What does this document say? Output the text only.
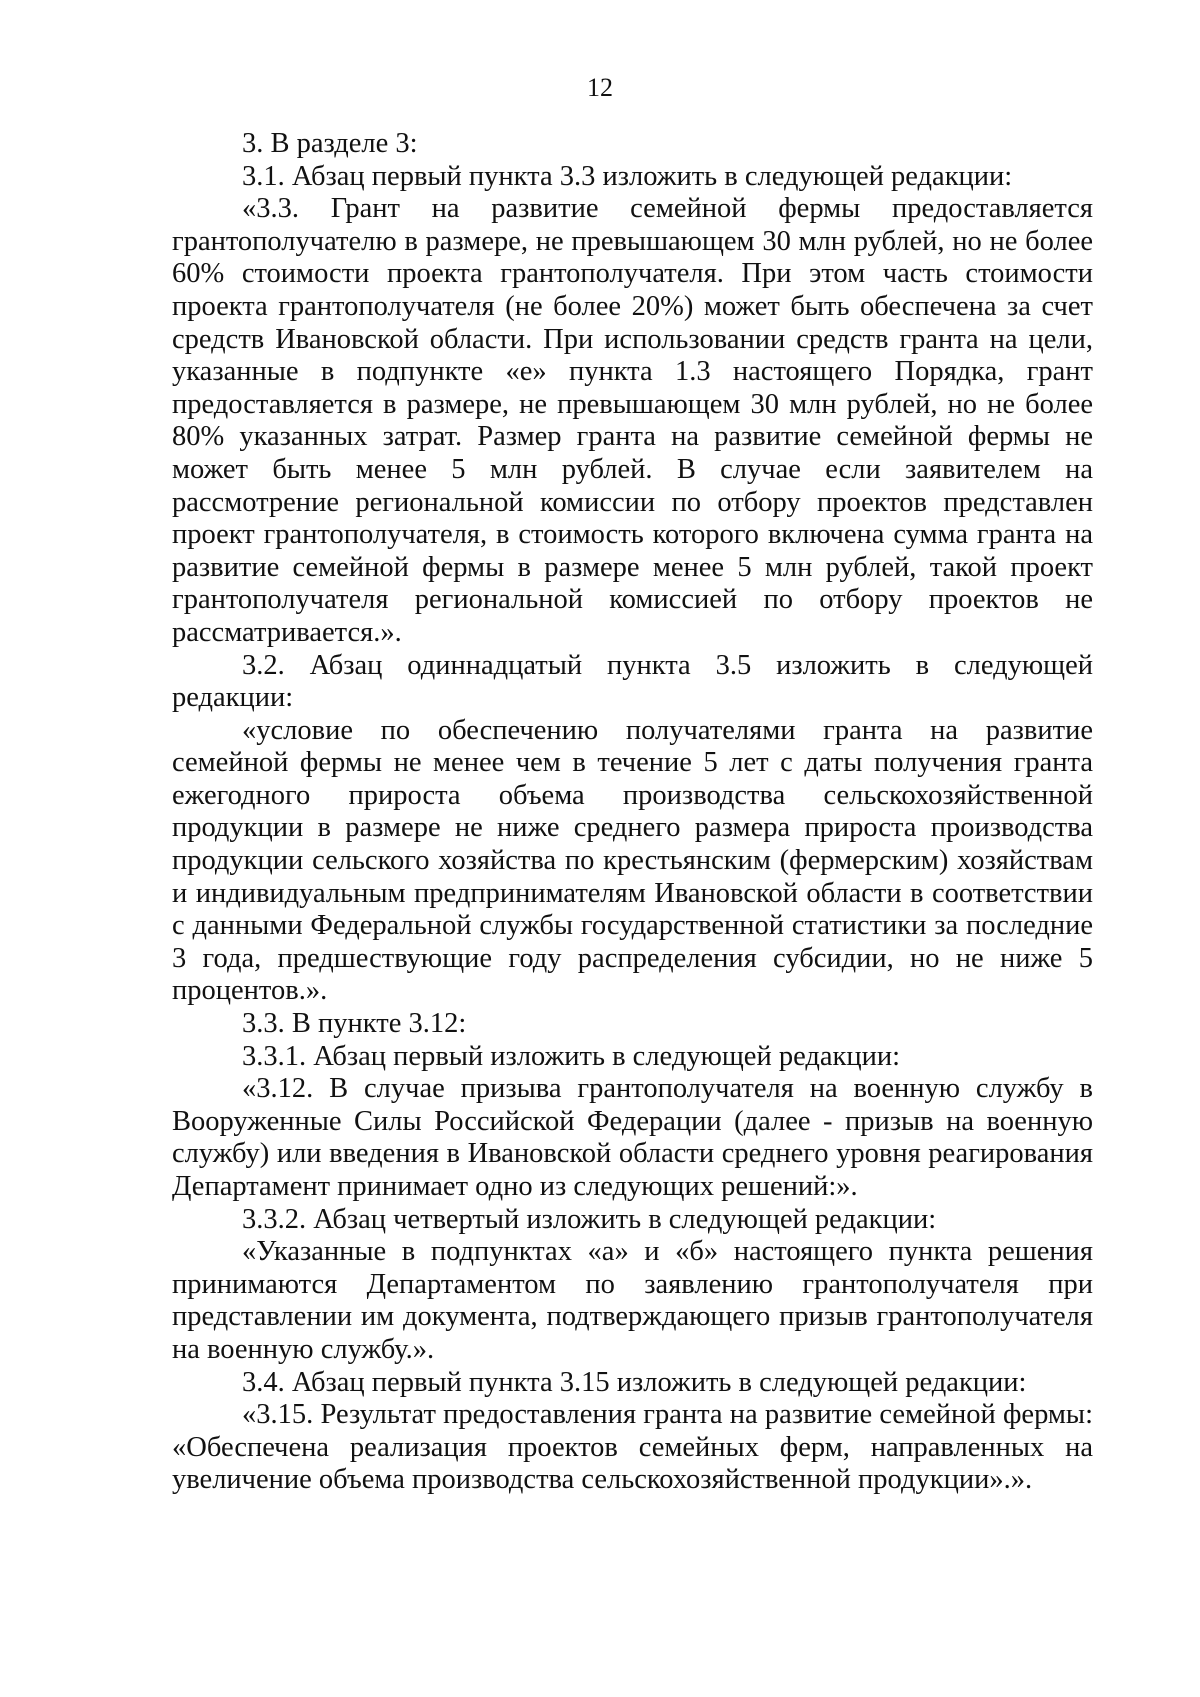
12

3. В разделе 3:

3.1. Абзац первый пункта 3.3 изложить в следующей редакции:

«3.3. Грант на развитие семейной фермы предоставляется грантополучателю в размере, не превышающем 30 млн рублей, но не более 60% стоимости проекта грантополучателя. При этом часть стоимости проекта грантополучателя (не более 20%) может быть обеспечена за счет средств Ивановской области. При использовании средств гранта на цели, указанные в подпункте «е» пункта 1.3 настоящего Порядка, грант предоставляется в размере, не превышающем 30 млн рублей, но не более 80% указанных затрат. Размер гранта на развитие семейной фермы не может быть менее 5 млн рублей. В случае если заявителем на рассмотрение региональной комиссии по отбору проектов представлен проект грантополучателя, в стоимость которого включена сумма гранта на развитие семейной фермы в размере менее 5 млн рублей, такой проект грантополучателя региональной комиссией по отбору проектов не рассматривается.».

3.2. Абзац одиннадцатый пункта 3.5 изложить в следующей редакции:

«условие по обеспечению получателями гранта на развитие семейной фермы не менее чем в течение 5 лет с даты получения гранта ежегодного прироста объема производства сельскохозяйственной продукции в размере не ниже среднего размера прироста производства продукции сельского хозяйства по крестьянским (фермерским) хозяйствам и индивидуальным предпринимателям Ивановской области в соответствии с данными Федеральной службы государственной статистики за последние 3 года, предшествующие году распределения субсидии, но не ниже 5 процентов.».

3.3. В пункте 3.12:

3.3.1. Абзац первый изложить в следующей редакции:

«3.12. В случае призыва грантополучателя на военную службу в Вооруженные Силы Российской Федерации (далее - призыв на военную службу) или введения в Ивановской области среднего уровня реагирования Департамент принимает одно из следующих решений:».

3.3.2. Абзац четвертый изложить в следующей редакции:

«Указанные в подпунктах «а» и «б» настоящего пункта решения принимаются Департаментом по заявлению грантополучателя при представлении им документа, подтверждающего призыв грантополучателя на военную службу.».

3.4. Абзац первый пункта 3.15 изложить в следующей редакции:

«3.15. Результат предоставления гранта на развитие семейной фермы: «Обеспечена реализация проектов семейных ферм, направленных на увеличение объема производства сельскохозяйственной продукции».».
